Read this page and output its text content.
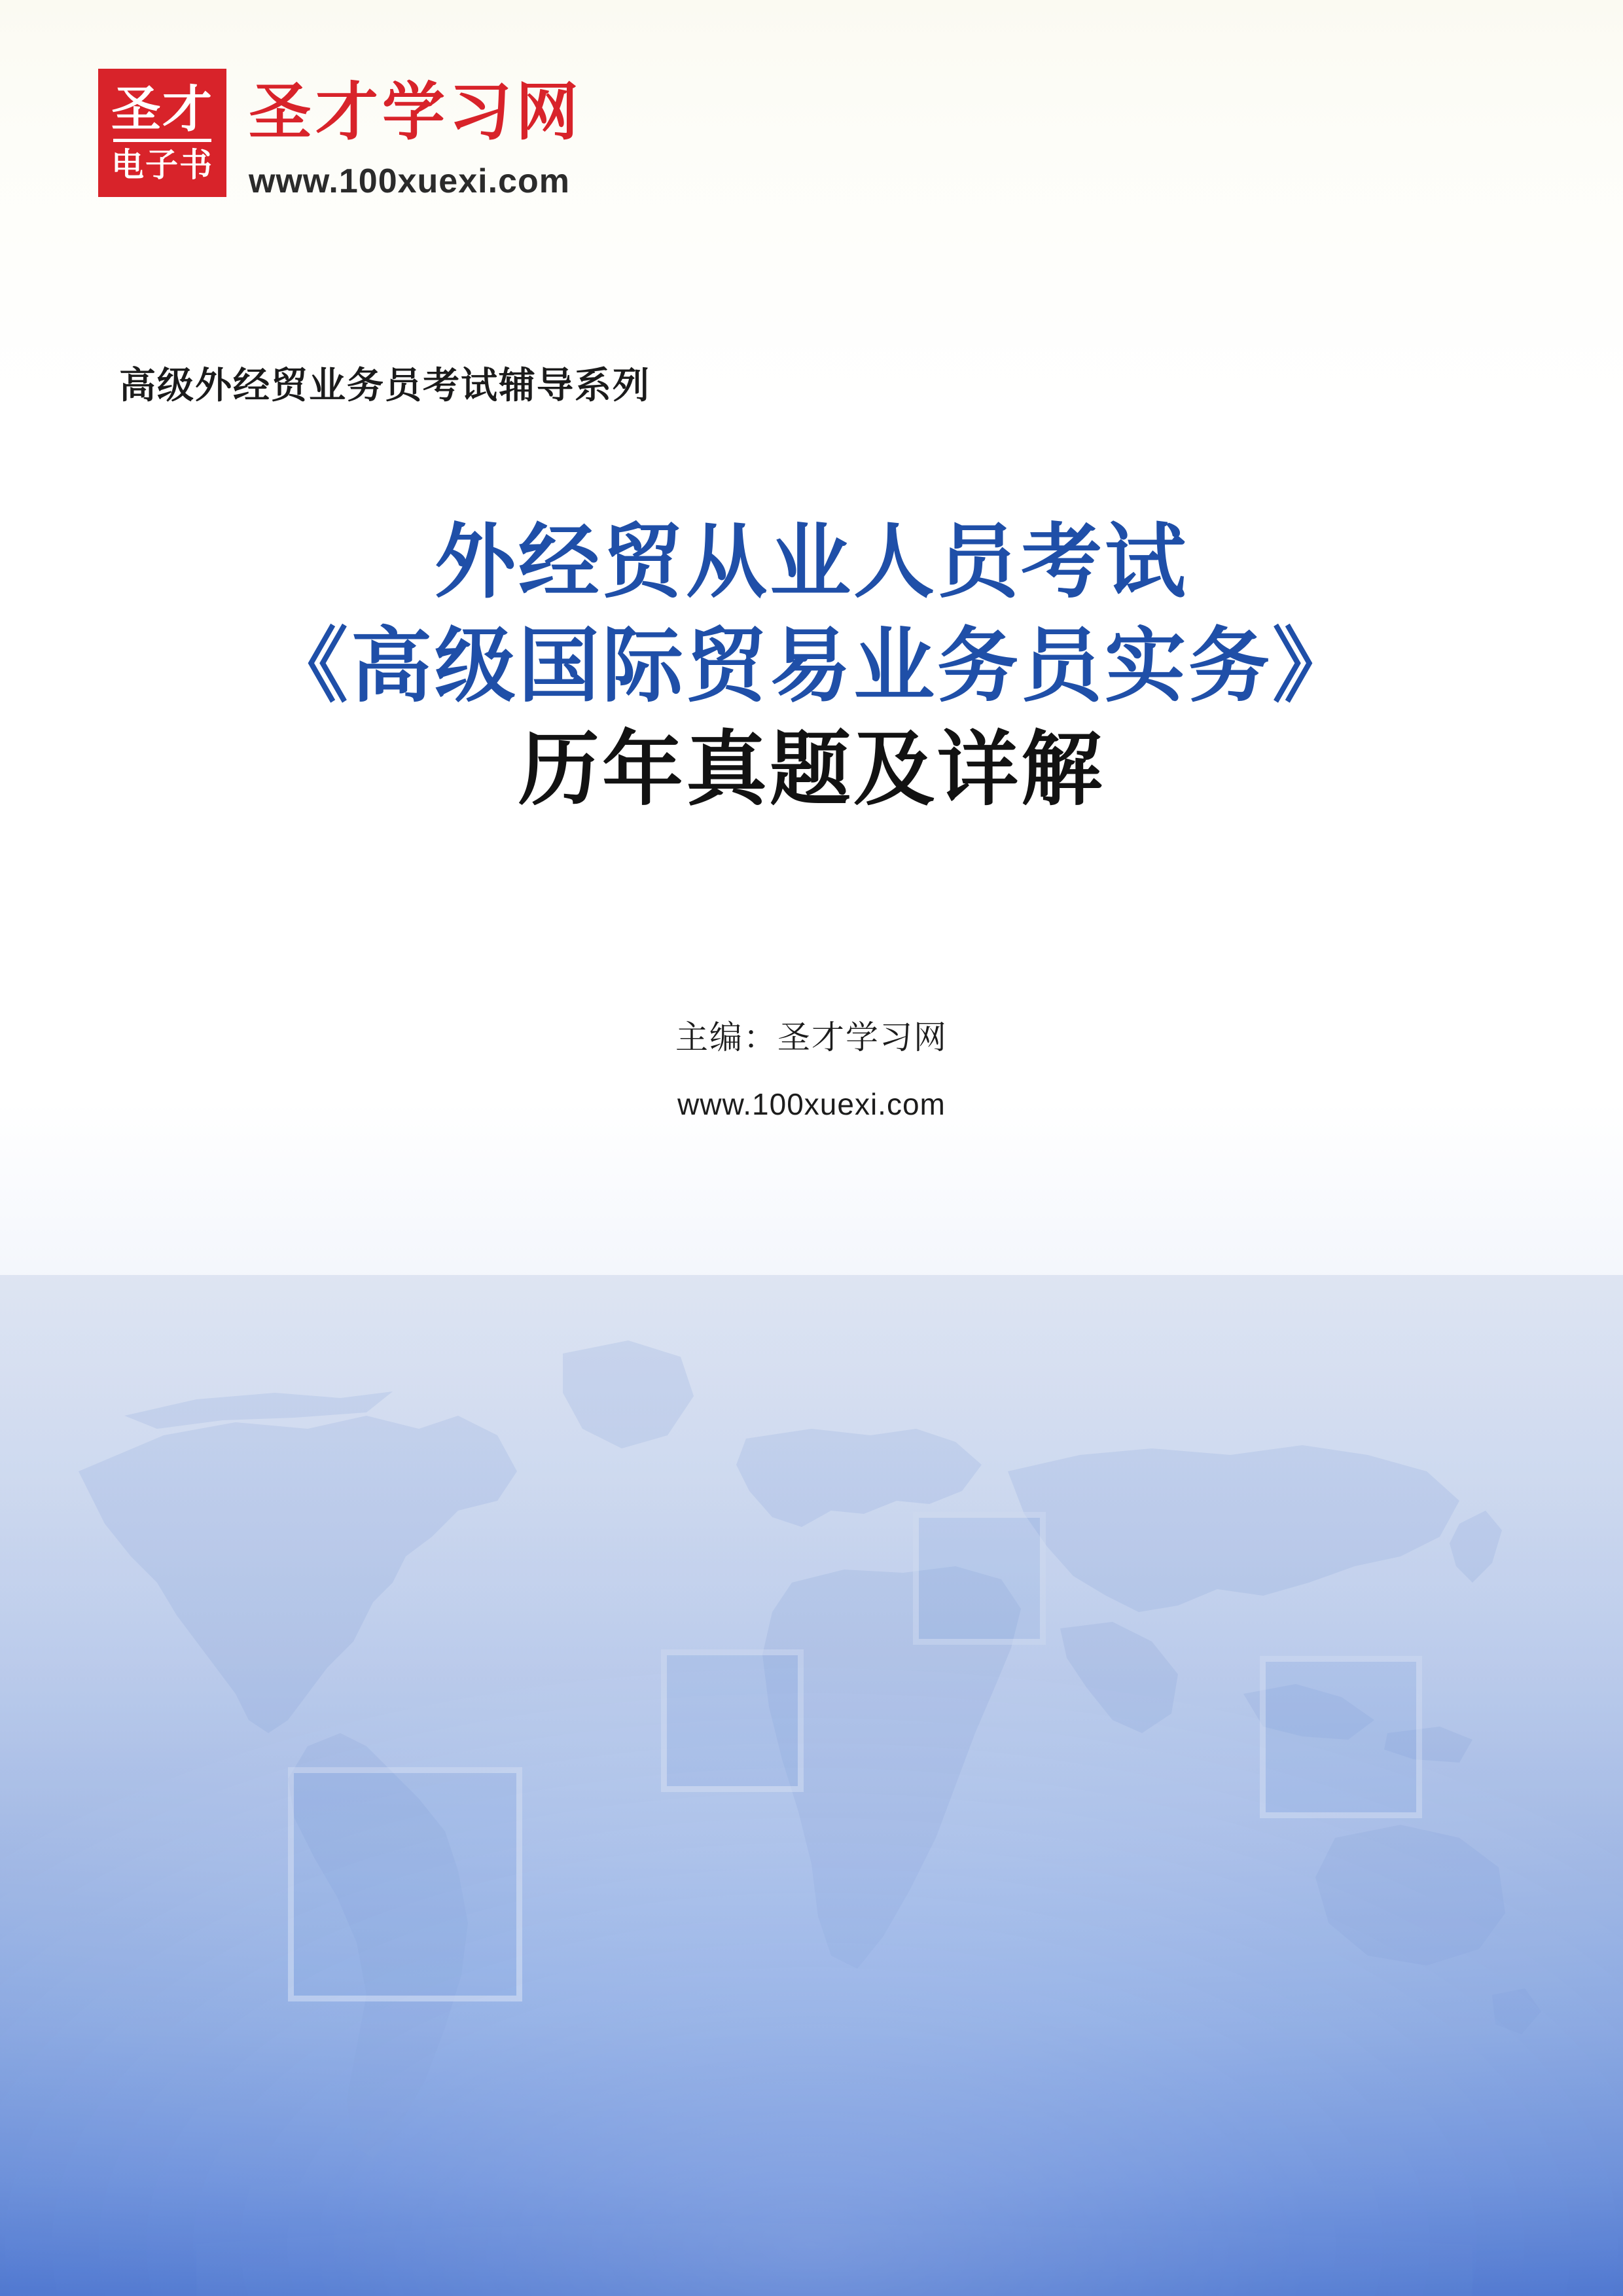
圣才
电子书
圣才学习网
www.100xuexi.com
高级外经贸业务员考试辅导系列
外经贸从业人员考试
《高级国际贸易业务员实务》
历年真题及详解
主编：圣才学习网
www.100xuexi.com
